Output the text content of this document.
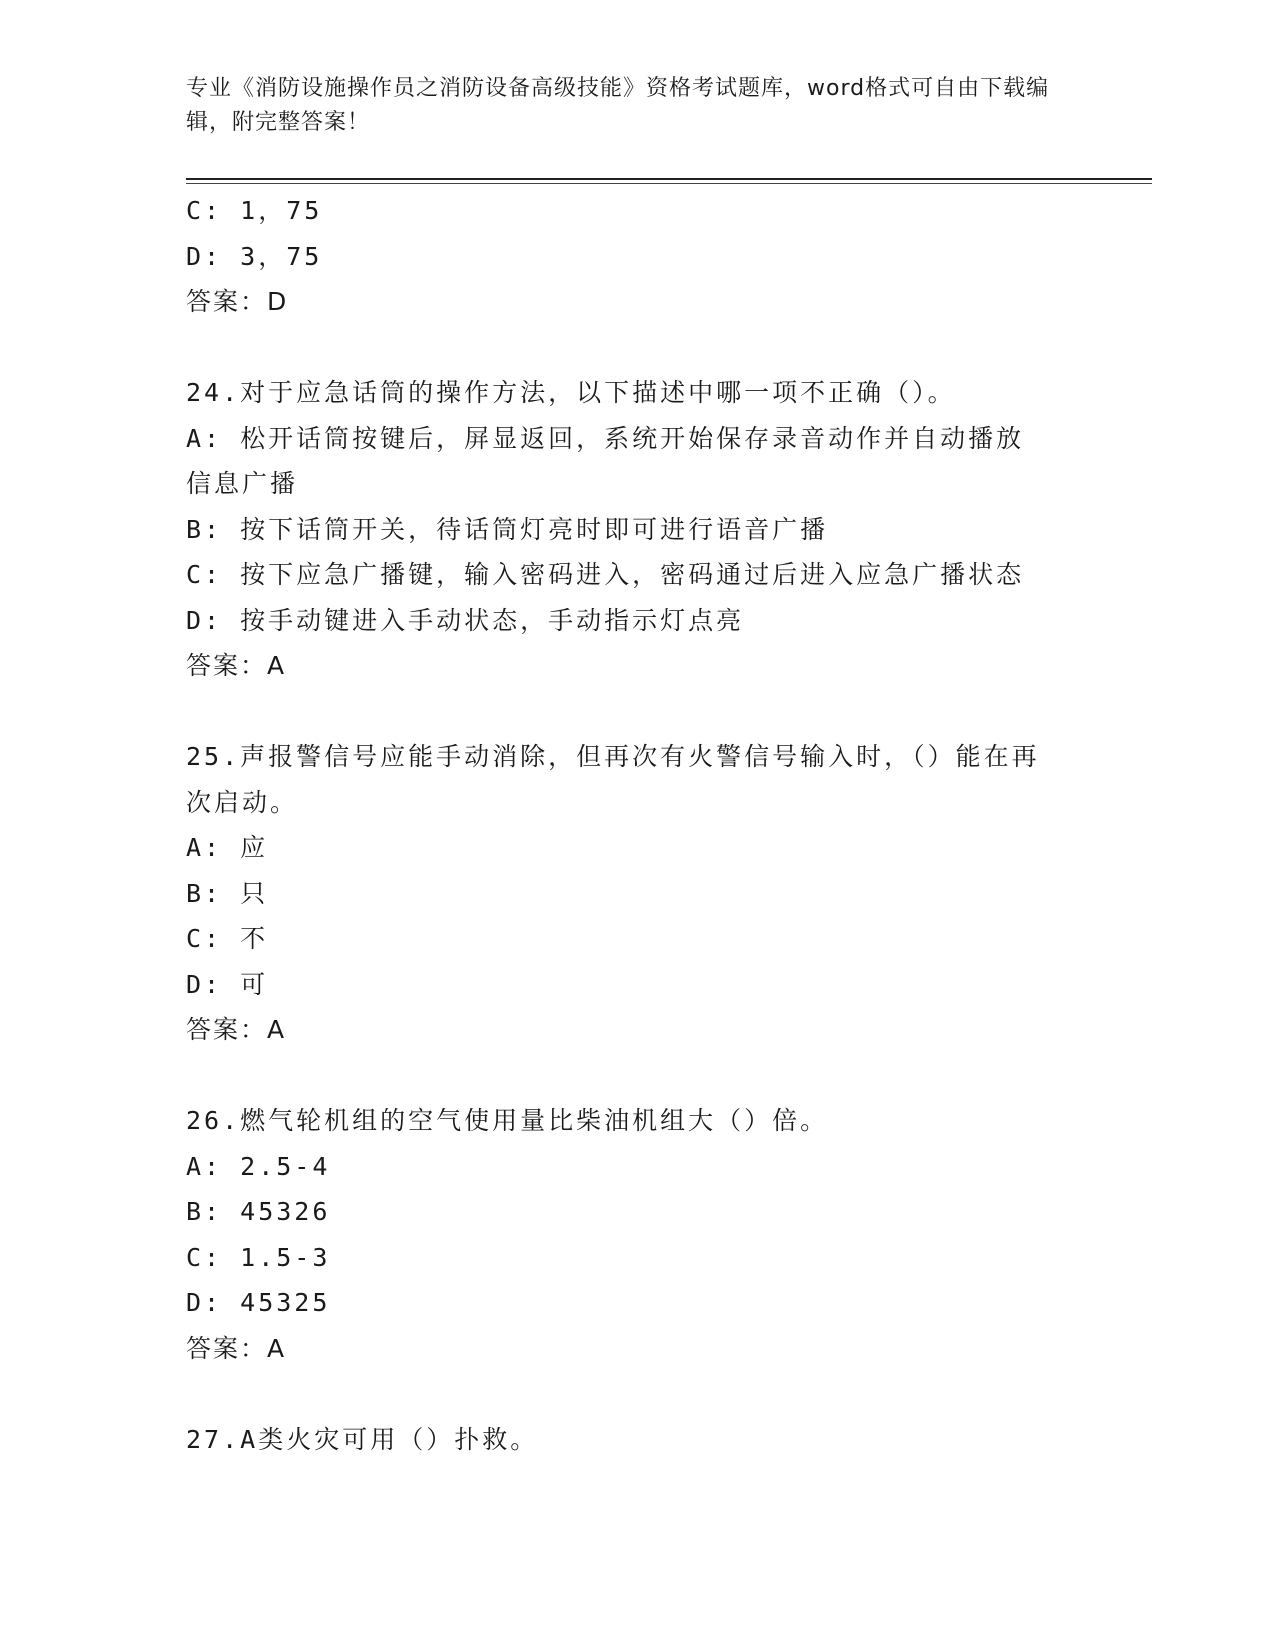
专业《消防设施操作员之消防设备高级技能》资格考试题库，word格式可自由下载编辑，附完整答案！
C: 1，75
D: 3，75
答案：D
24.对于应急话筒的操作方法，以下描述中哪一项不正确（）。
A: 松开话筒按键后，屏显返回，系统开始保存录音动作并自动播放信息广播
B: 按下话筒开关，待话筒灯亮时即可进行语音广播
C: 按下应急广播键，输入密码进入，密码通过后进入应急广播状态
D: 按手动键进入手动状态，手动指示灯点亮
答案：A
25.声报警信号应能手动消除，但再次有火警信号输入时，（）能在再次启动。
A: 应
B: 只
C: 不
D: 可
答案：A
26.燃气轮机组的空气使用量比柴油机组大（）倍。
A: 2.5-4
B: 45326
C: 1.5-3
D: 45325
答案：A
27.A类火灾可用（）扑救。
